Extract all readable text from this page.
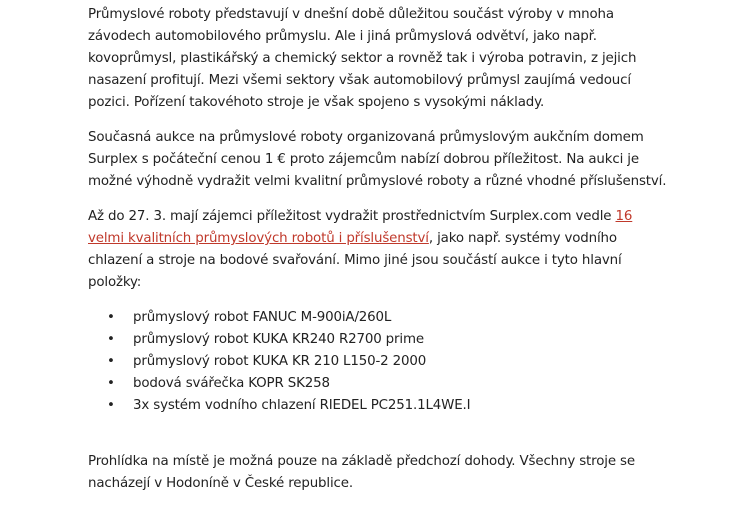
Průmyslové roboty představují v dnešní době důležitou součást výroby v mnoha závodech automobilového průmyslu. Ale i jiná průmyslová odvětví, jako např. kovoprůmysl, plastikářský a chemický sektor a rovněž tak i výroba potravin, z jejich nasazení profitují. Mezi všemi sektory však automobilový průmysl zaujímá vedoucí pozici. Pořízení takovéhoto stroje je však spojeno s vysokými náklady.

Současná aukce na průmyslové roboty organizovaná průmyslovým aukčním domem Surplex s počáteční cenou 1 € proto zájemcům nabízí dobrou příležitost. Na aukci je možné výhodně vydražit velmi kvalitní průmyslové roboty a různé vhodné příslušenství.

Až do 27. 3. mají zájemci příležitost vydražit prostřednictvím Surplex.com vedle 16 velmi kvalitních průmyslových robotů i příslušenství, jako např. systémy vodního chlazení a stroje na bodové svařování. Mimo jiné jsou součástí aukce i tyto hlavní položky:

• průmyslový robot FANUC M-900iA/260L
• průmyslový robot KUKA KR240 R2700 prime
• průmyslový robot KUKA KR 210 L150-2 2000
• bodová svářečka KOPR SK258
• 3x systém vodního chlazení RIEDEL PC251.1L4WE.I

Prohlídka na místě je možná pouze na základě předchozí dohody. Všechny stroje se nacházejí v Hodoníně v České republice.
